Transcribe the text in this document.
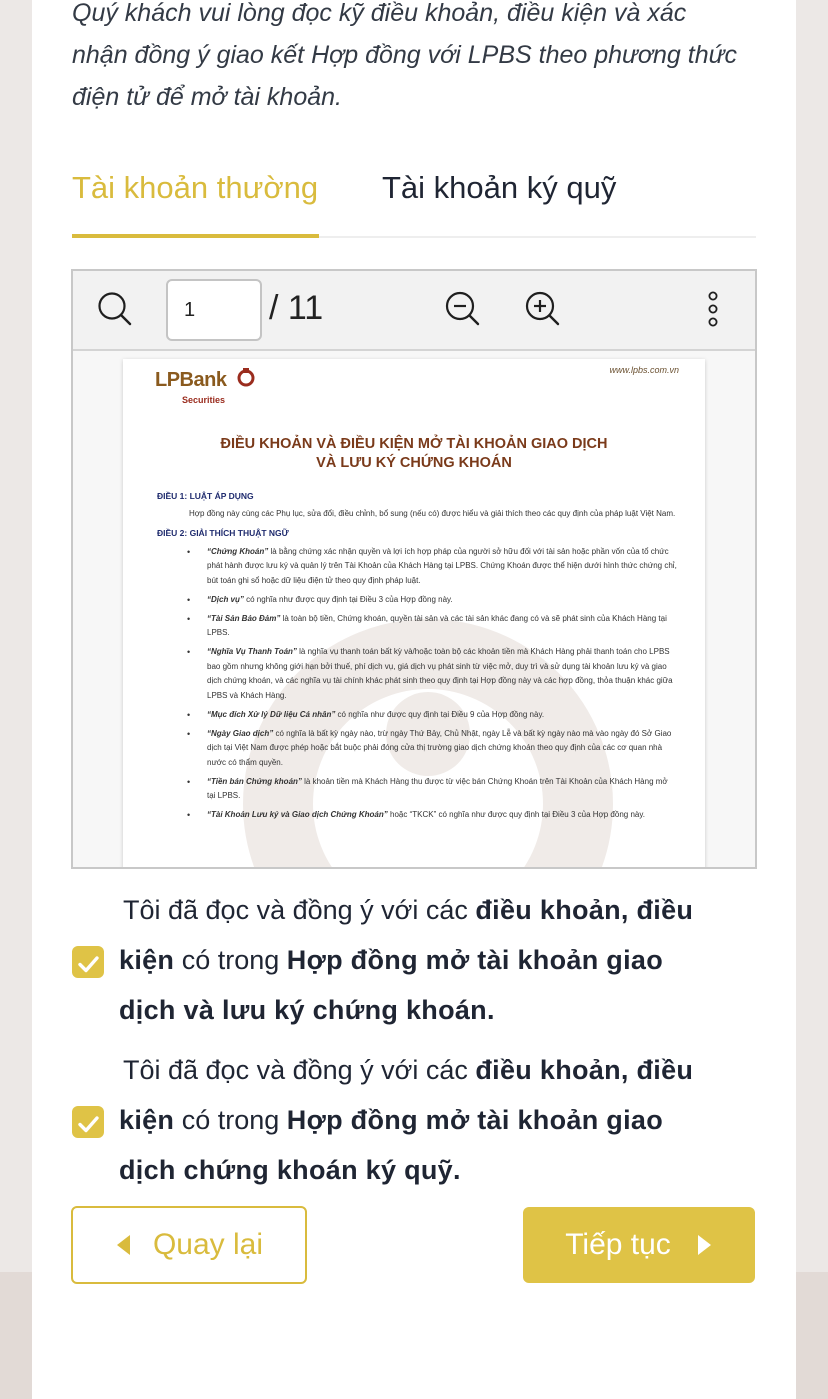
Quý khách vui lòng đọc kỹ điều khoản, điều kiện và xác
nhận đồng ý giao kết Hợp đồng với LPBS theo phương thức
điện tử để mở tài khoản.
Tài khoản thường Tài khoản ký quỹ
1
/ 11
www.lpbs.com.vn
LPBank
Securities
ĐIỀU KHOẢN VÀ ĐIỀU KIỆN MỞ TÀI KHOẢN GIAO DỊCH
VÀ LƯU KÝ CHỨNG KHOÁN
ĐIỀU 1: LUẬT ÁP DỤNG
Hợp đồng này cùng các Phụ lục, sửa đổi, điều chỉnh, bổ sung (nếu có) được hiểu và giải thích theo các quy định của pháp luật Việt Nam.
ĐIỀU 2: GIẢI THÍCH THUẬT NGỮ
• “Chứng Khoán” là bằng chứng xác nhận quyền và lợi ích hợp pháp của người sở hữu đối với tài sản hoặc phần vốn của tổ chức phát hành được lưu ký và quản lý trên Tài Khoản của Khách Hàng tại LPBS. Chứng Khoán được thể hiện dưới hình thức chứng chỉ, bút toán ghi sổ hoặc dữ liệu điện tử theo quy định pháp luật.
• “Dịch vụ” có nghĩa như được quy định tại Điều 3 của Hợp đồng này.
• “Tài Sản Bảo Đảm” là toàn bộ tiền, Chứng khoán, quyền tài sản và các tài sản khác đang có và sẽ phát sinh của Khách Hàng tại LPBS.
• “Nghĩa Vụ Thanh Toán” là nghĩa vụ thanh toán bất kỳ và/hoặc toàn bộ các khoản tiền mà Khách Hàng phải thanh toán cho LPBS bao gồm nhưng không giới hạn bởi thuế, phí dịch vụ, giá dịch vụ phát sinh từ việc mở, duy trì và sử dụng tài khoản lưu ký và giao dịch chứng khoán, và các nghĩa vụ tài chính khác phát sinh theo quy định tại Hợp đồng này và các hợp đồng, thỏa thuận khác giữa LPBS và Khách Hàng.
• “Mục đích Xử lý Dữ liệu Cá nhân” có nghĩa như được quy định tại Điều 9 của Hợp đồng này.
• “Ngày Giao dịch” có nghĩa là bất kỳ ngày nào, trừ ngày Thứ Bảy, Chủ Nhật, ngày Lễ và bất kỳ ngày nào mà vào ngày đó Sở Giao dịch tại Việt Nam được phép hoặc bắt buộc phải đóng cửa thị trường giao dịch chứng khoán theo quy định của các cơ quan nhà nước có thẩm quyền.
• “Tiền bán Chứng khoán” là khoản tiền mà Khách Hàng thu được từ việc bán Chứng Khoán trên Tài Khoản của Khách Hàng mở tại LPBS.
• “Tài Khoản Lưu ký và Giao dịch Chứng Khoán” hoặc “TKCK” có nghĩa như được quy định tại Điều 3 của Hợp đồng này.
Tôi đã đọc và đồng ý với các điều khoản, điều
kiện có trong Hợp đồng mở tài khoản giao
dịch và lưu ký chứng khoán.
Tôi đã đọc và đồng ý với các điều khoản, điều
kiện có trong Hợp đồng mở tài khoản giao
dịch chứng khoán ký quỹ.
Quay lại	Tiếp tục
